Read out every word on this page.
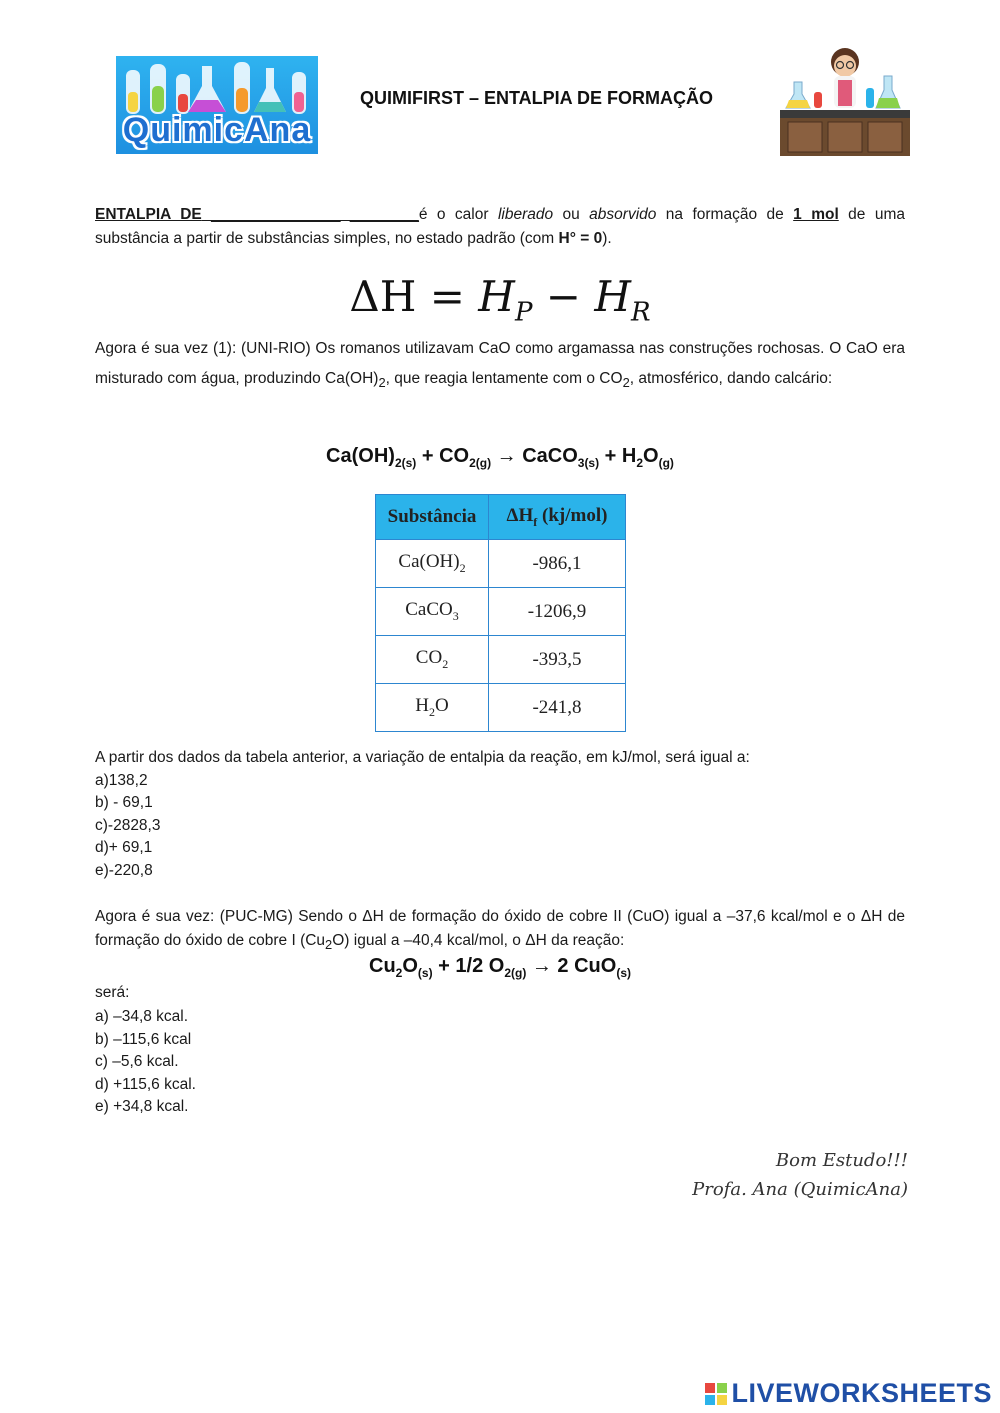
QuimicAna
QUIMIFIRST – ENTALPIA DE FORMAÇÃO
ENTALPIA DE _______________ ________é o calor liberado ou absorvido na formação de 1 mol de uma substância a partir de substâncias simples, no estado padrão (com H° = 0).
$\Delta H = H_P - H_R$
Agora é sua vez (1): (UNI-RIO) Os romanos utilizavam CaO como argamassa nas construções rochosas. O CaO era misturado com água, produzindo $Ca(OH)_2$, que reagia lentamente com o $CO_2$, atmosférico, dando calcário:
$Ca(OH)_{2(s)} + CO_{2(g)}$ → CaCO$_{3(s)}$ + $H_2O_{(g)}$
Substância	$\Delta H_f$ (kj/mol)
$Ca(OH)_2$	-986,1
CaCO$_3$	-1206,9
$CO_2$	-393,5
$H_2O$	-241,8
A partir dos dados da tabela anterior, a variação de entalpia da reação, em kJ/mol, será igual a:
a)138,2
b) - 69,1
c)-2828,3
d)+ 69,1
e)-220,8
Agora é sua vez: (PUC-MG) Sendo o ΔH de formação do óxido de cobre II (CuO) igual a –37,6 kcal/mol e o ΔH de formação do óxido de cobre I $(Cu_2O)$ igual a –40,4 kcal/mol, o ΔH da reação:
$Cu_2O_{(s)} + 1/2$ $O_{2(g)} \to 2$ CuO$_{(s)}$
será:
a) –34,8 kcal.
b) –115,6 kcal
c) –5,6 kcal.
d) +115,6 kcal.
e) +34,8 kcal.
Bom Estudo!!!
Profa. Ana (QuimicAna)
LIVEWORKSHEETS
